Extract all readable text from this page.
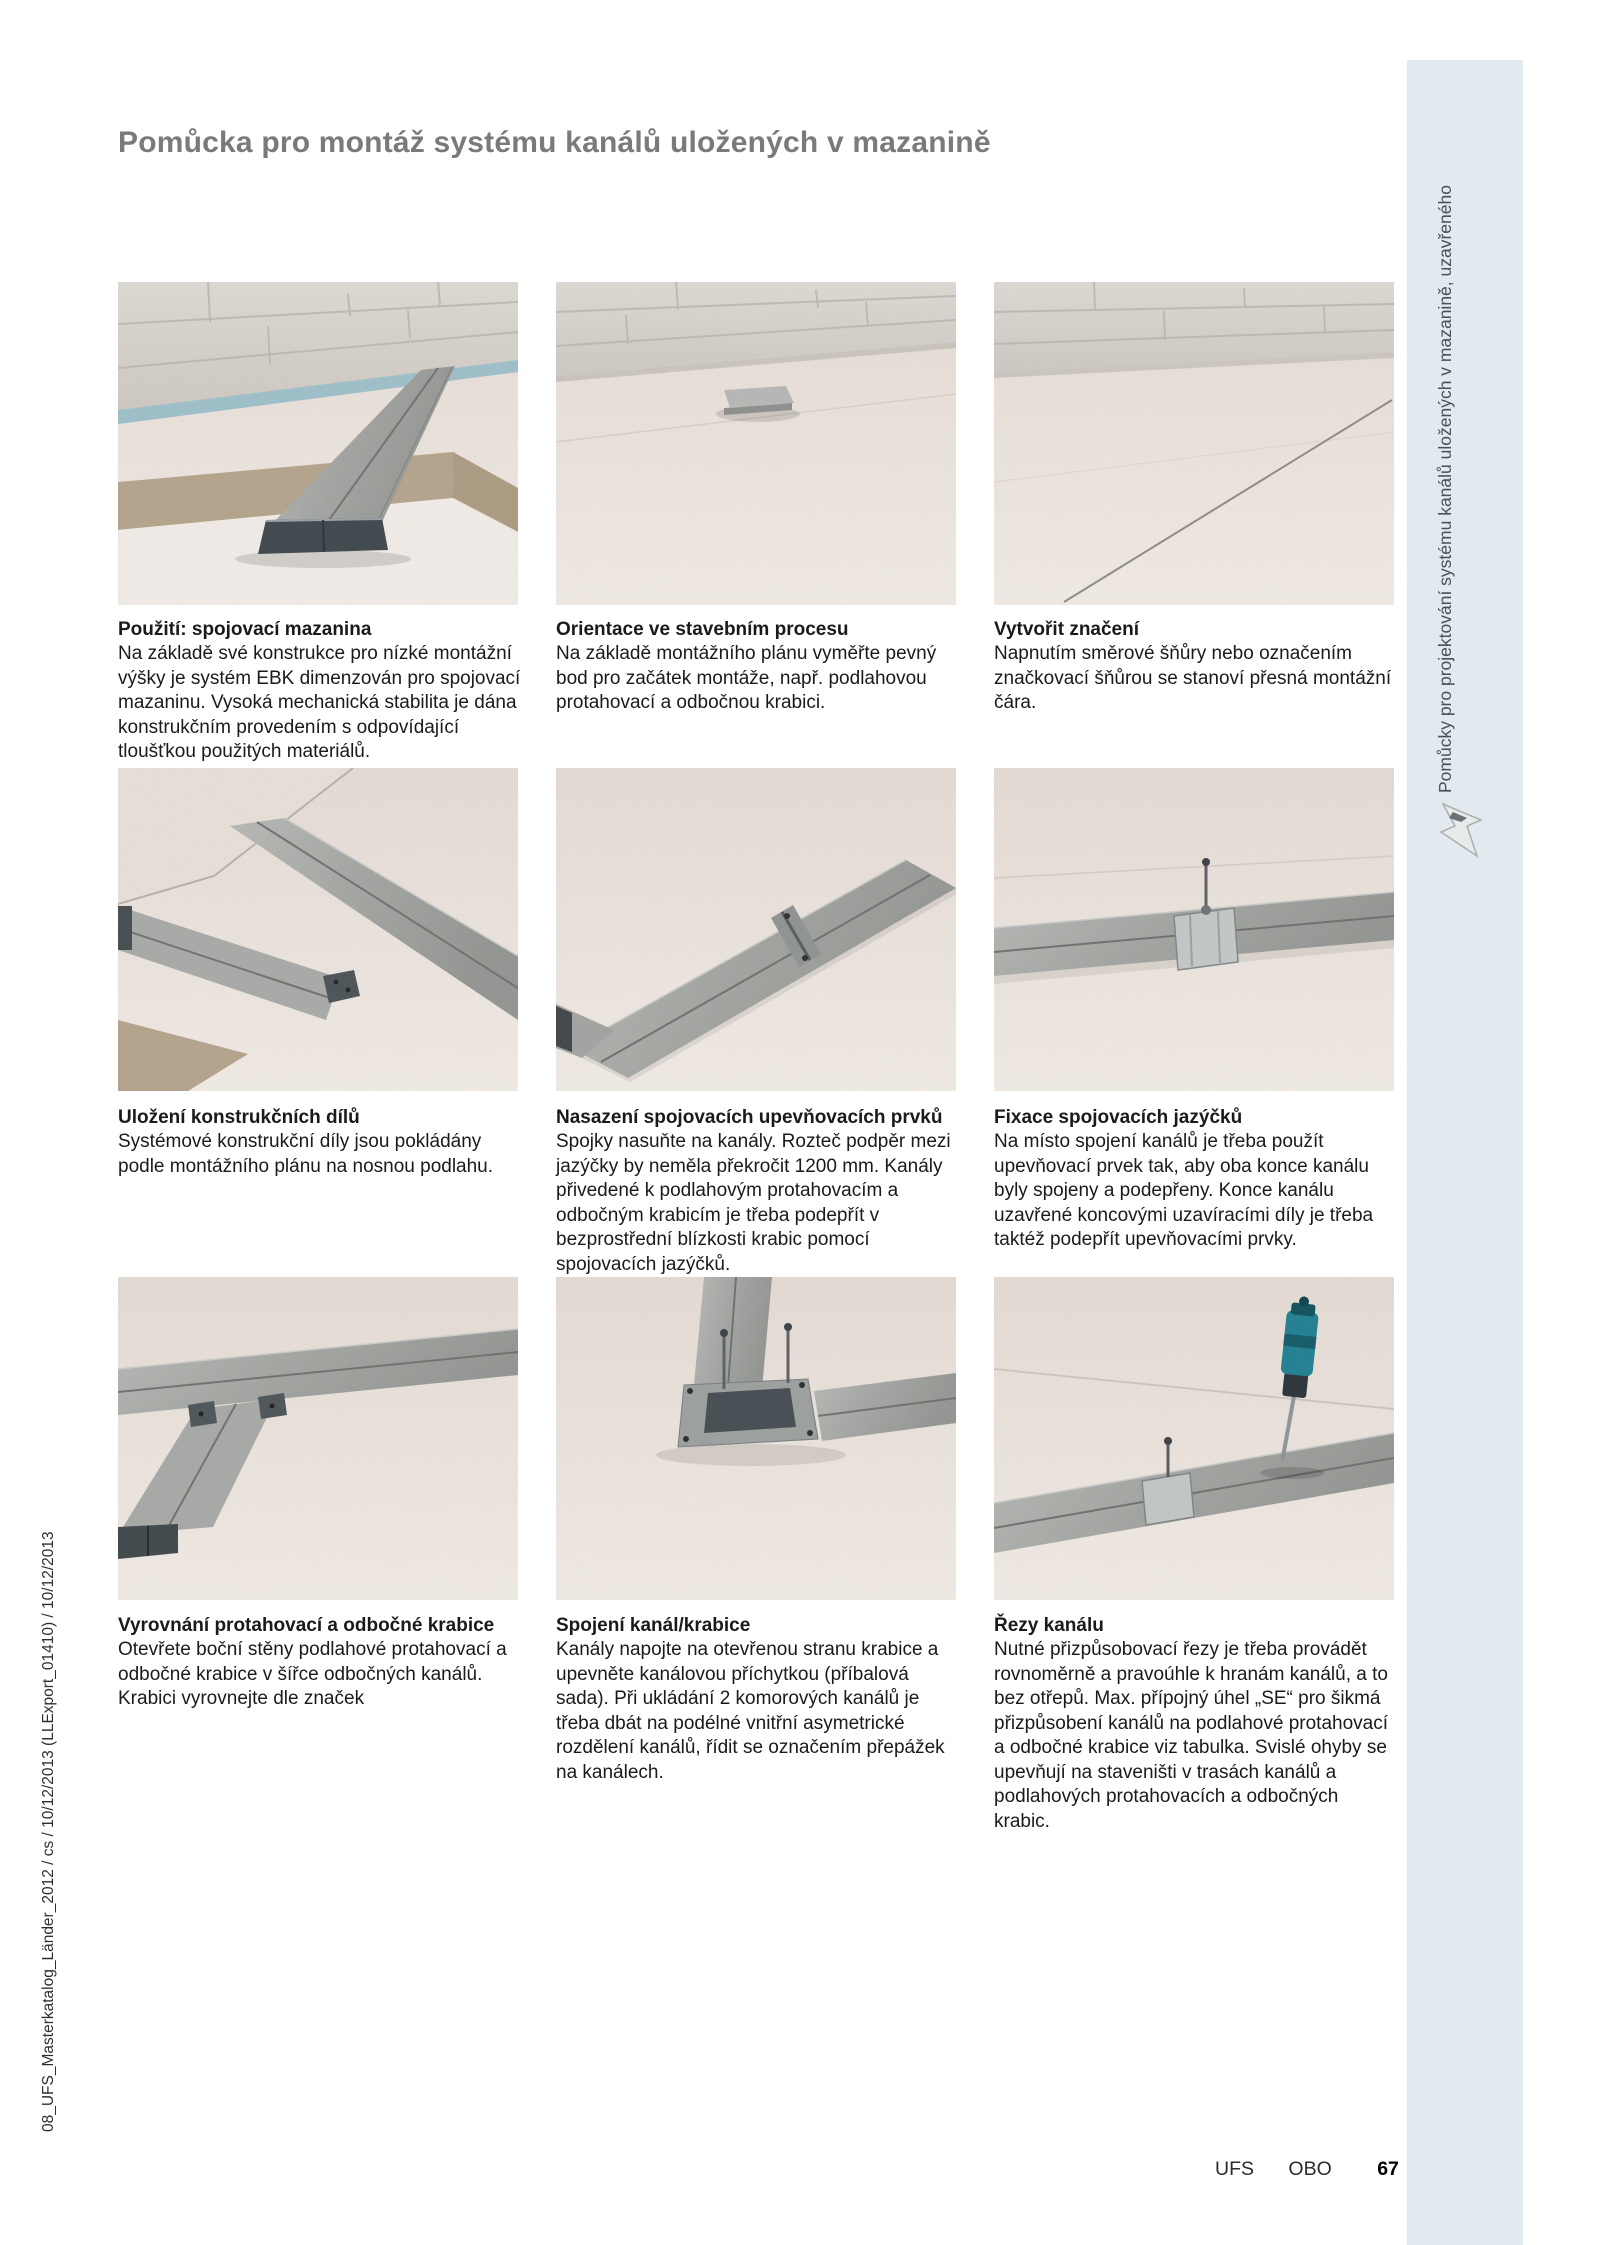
Pomůcka pro montáž systému kanálů uložených v mazanině
Pomůcky pro projektování systému kanálů uložených v mazanině, uzavřeného
08_UFS_Masterkatalog_Länder_2012 / cs / 10/12/2013 (LLExport_01410) / 10/12/2013
Použití: spojovací mazanina
Na základě své konstrukce pro nízké montážní výšky je systém EBK dimenzován pro spojovací mazaninu. Vysoká mechanická stabilita je dána konstrukčním provedením s odpovídající tloušťkou použitých materiálů.
Orientace ve stavebním procesu
Na základě montážního plánu vyměřte pevný bod pro začátek montáže, např. podlahovou protahovací a odbočnou krabici.
Vytvořit značení
Napnutím směrové šňůry nebo označením značkovací šňůrou se stanoví přesná montážní čára.
Uložení konstrukčních dílů
Systémové konstrukční díly jsou pokládány podle montážního plánu na nosnou podlahu.
Nasazení spojovacích upevňovacích prvků
Spojky nasuňte na kanály. Rozteč podpěr mezi jazýčky by neměla překročit 1200 mm. Kanály přivedené k podlahovým protahovacím a odbočným krabicím je třeba podepřít v bezprostřední blízkosti krabic pomocí spojovacích jazýčků.
Fixace spojovacích jazýčků
Na místo spojení kanálů je třeba použít upevňovací prvek tak, aby oba konce kanálu byly spojeny a podepřeny. Konce kanálu uzavřené koncovými uzavíracími díly je třeba taktéž podepřít upevňovacími prvky.
Vyrovnání protahovací a odbočné krabice
Otevřete boční stěny podlahové protahovací a odbočné krabice v šířce odbočných kanálů. Krabici vyrovnejte dle značek
Spojení kanál/krabice
Kanály napojte na otevřenou stranu krabice a upevněte kanálovou příchytkou (příbalová sada). Při ukládání 2 komorových kanálů je třeba dbát na podélné vnitřní asymetrické rozdělení kanálů, řídit se označením přepážek na kanálech.
Řezy kanálu
Nutné přizpůsobovací řezy je třeba provádět rovnoměrně a pravoúhle k hranám kanálů, a to bez otřepů. Max. přípojný úhel „SE“ pro šikmá přizpůsobení kanálů na podlahové protahovací a odbočné krabice viz tabulka. Svislé ohyby se upevňují na staveništi v trasách kanálů a podlahových protahovacích a odbočných krabic.
UFS OBO 67
